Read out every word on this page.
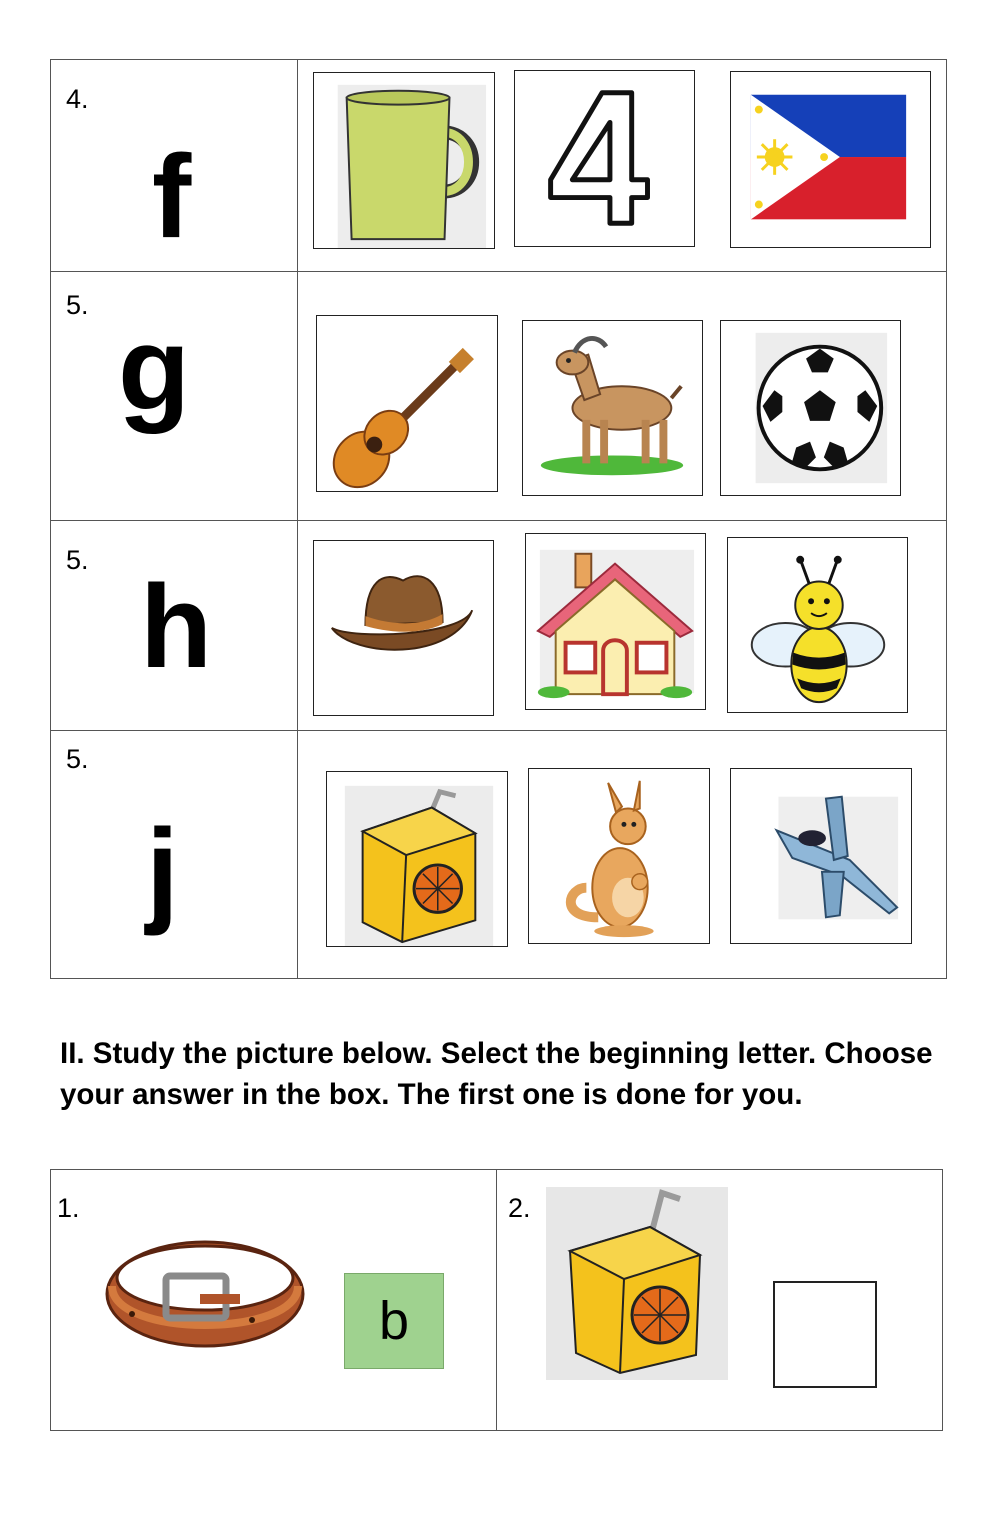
4.
f
5. g
5.
h
5.
j
II. Study the picture below. Select the beginning letter. Choose your answer in the box. The first one is done for you.
1.
b
2.
